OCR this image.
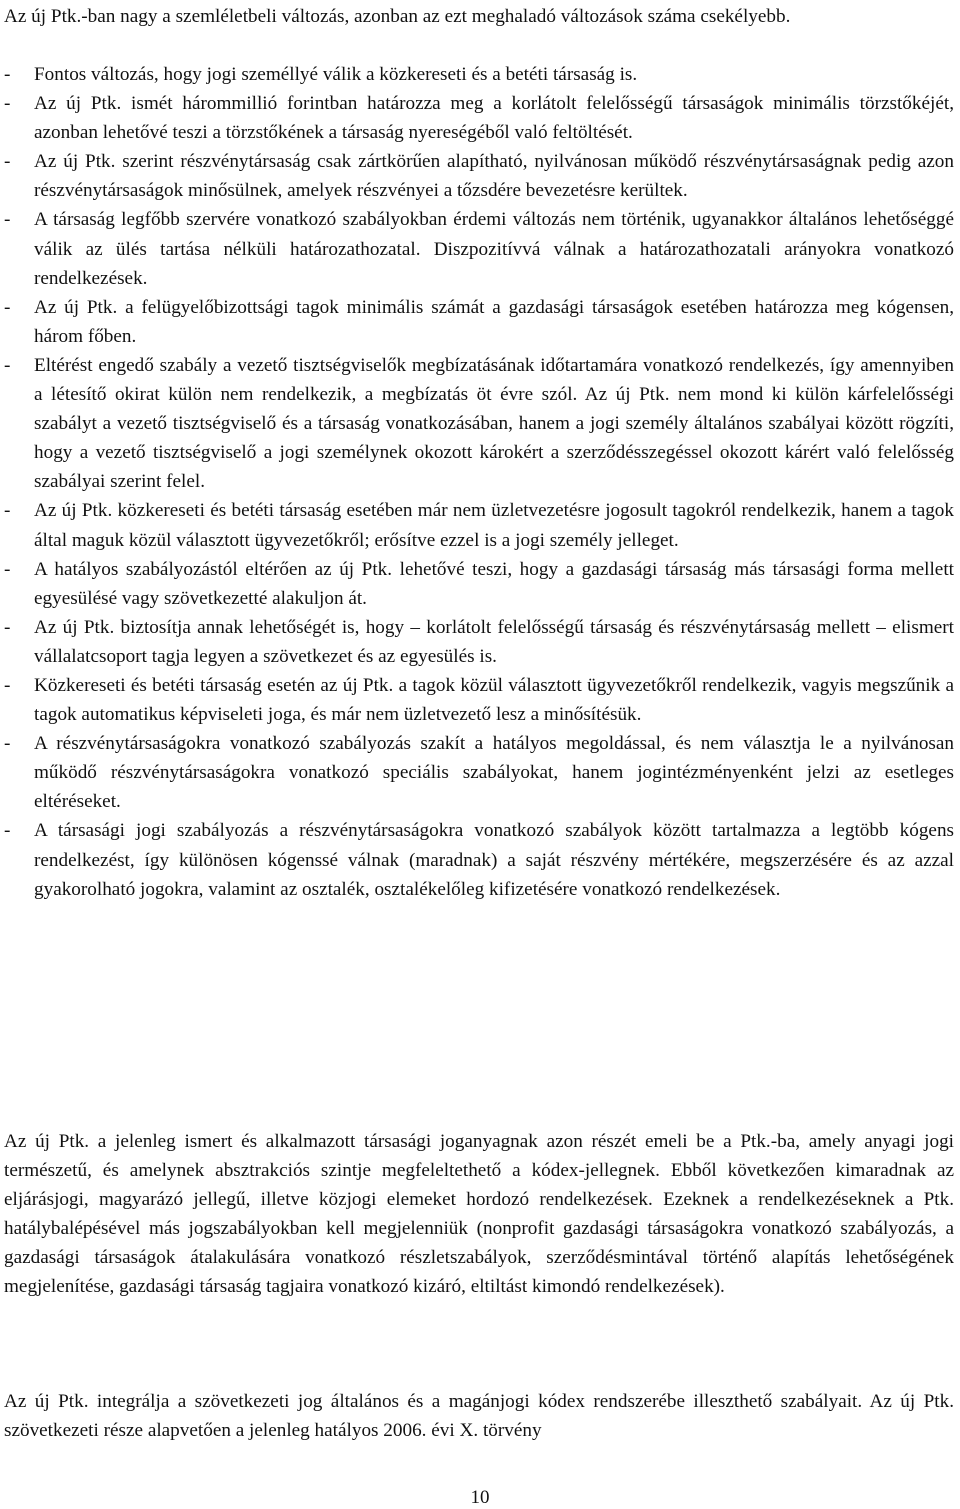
Az új Ptk.-ban nagy a szemléletbeli változás, azonban az ezt meghaladó változások száma csekélyebb.

- Fontos változás, hogy jogi személlyé válik a közkereseti és a betéti társaság is.
- Az új Ptk. ismét hárommillió forintban határozza meg a korlátolt felelősségű társaságok minimális törzstőkéjét, azonban lehetővé teszi a törzstőkének a társaság nyereségéből való feltöltését.
- Az új Ptk. szerint részvénytársaság csak zártkörűen alapítható, nyilvánosan működő részvénytársaságnak pedig azon részvénytársaságok minősülnek, amelyek részvényei a tőzsdére bevezetésre kerültek.
- A társaság legfőbb szervére vonatkozó szabályokban érdemi változás nem történik, ugyanakkor általános lehetőséggé válik az ülés tartása nélküli határozathozatal. Diszpozitívvá válnak a határozathozatali arányokra vonatkozó rendelkezések.
- Az új Ptk. a felügyelőbizottsági tagok minimális számát a gazdasági társaságok esetében határozza meg kógensen, három főben.
- Eltérést engedő szabály a vezető tisztségviselők megbízatásának időtartamára vonatkozó rendelkezés, így amennyiben a létesítő okirat külön nem rendelkezik, a megbízatás öt évre szól. Az új Ptk. nem mond ki külön kárfelelősségi szabályt a vezető tisztségviselő és a társaság vonatkozásában, hanem a jogi személy általános szabályai között rögzíti, hogy a vezető tisztségviselő a jogi személynek okozott károkért a szerződésszegéssel okozott kárért való felelősség szabályai szerint felel.
- Az új Ptk. közkereseti és betéti társaság esetében már nem üzletvezetésre jogosult tagokról rendelkezik, hanem a tagok által maguk közül választott ügyvezetőkről; erősítve ezzel is a jogi személy jelleget.
- A hatályos szabályozástól eltérően az új Ptk. lehetővé teszi, hogy a gazdasági társaság más társasági forma mellett egyesülésé vagy szövetkezetté alakuljon át.
- Az új Ptk. biztosítja annak lehetőségét is, hogy – korlátolt felelősségű társaság és részvénytársaság mellett – elismert vállalatcsoport tagja legyen a szövetkezet és az egyesülés is.
- Közkereseti és betéti társaság esetén az új Ptk. a tagok közül választott ügyvezetőkről rendelkezik, vagyis megszűnik a tagok automatikus képviseleti joga, és már nem üzletvezető lesz a minősítésük.
- A részvénytársaságokra vonatkozó szabályozás szakít a hatályos megoldással, és nem választja le a nyilvánosan működő részvénytársaságokra vonatkozó speciális szabályokat, hanem jogintézményenként jelzi az esetleges eltéréseket.
- A társasági jogi szabályozás a részvénytársaságokra vonatkozó szabályok között tartalmazza a legtöbb kógens rendelkezést, így különösen kógenssé válnak (maradnak) a saját részvény mértékére, megszerzésére és az azzal gyakorolható jogokra, valamint az osztalék, osztalékelőleg kifizetésére vonatkozó rendelkezések.

Az új Ptk. a jelenleg ismert és alkalmazott társasági joganyagnak azon részét emeli be a Ptk.-ba, amely anyagi jogi természetű, és amelynek absztrakciós szintje megfeleltethető a kódex-jellegnek. Ebből következően kimaradnak az eljárásjogi, magyarázó jellegű, illetve közjogi elemeket hordozó rendelkezések. Ezeknek a rendelkezéseknek a Ptk. hatálybalépésével más jogszabályokban kell megjelenniük (nonprofit gazdasági társaságokra vonatkozó szabályozás, a gazdasági társaságok átalakulására vonatkozó részletszabályok, szerződésmintával történő alapítás lehetőségének megjelenítése, gazdasági társaság tagjaira vonatkozó kizáró, eltiltást kimondó rendelkezések).

Az új Ptk. integrálja a szövetkezeti jog általános és a magánjogi kódex rendszerébe illeszthető szabályait. Az új Ptk. szövetkezeti része alapvetően a jelenleg hatályos 2006. évi X. törvény

10
